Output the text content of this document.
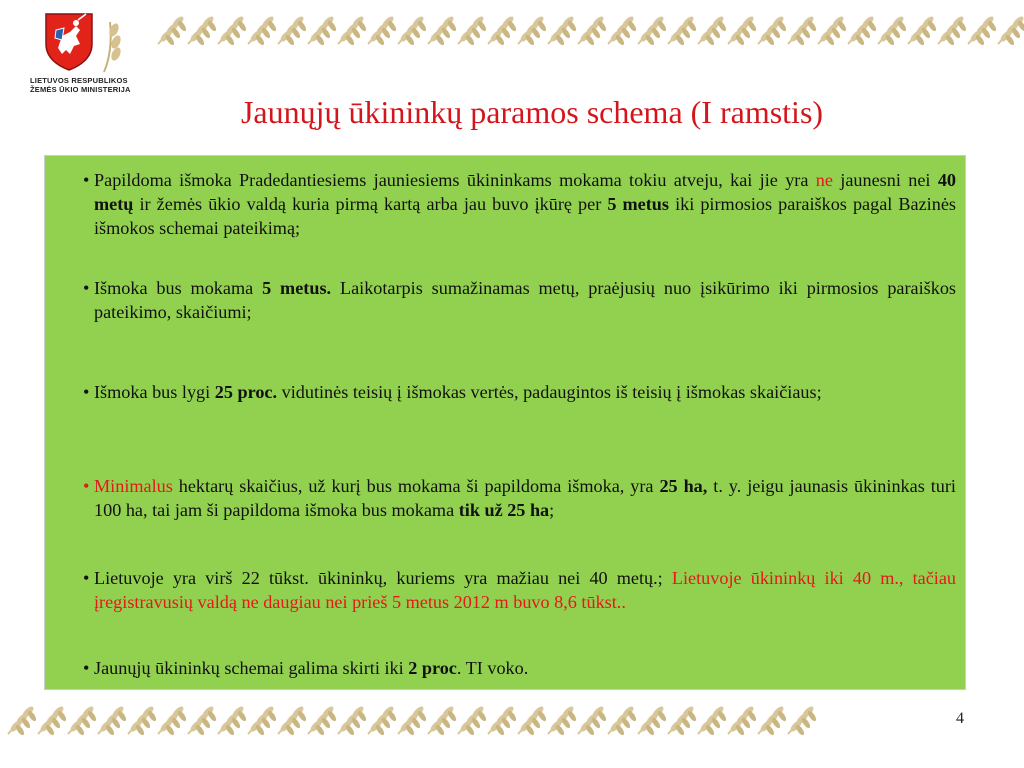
LIETUVOS RESPUBLIKOS
ŽEMĖS ŪKIO MINISTERIJA
Jaunųjų ūkininkų paramos schema (I ramstis)
• Papildoma išmoka Pradedantiesiems jauniesiems ūkininkams mokama tokiu atveju, kai jie yra ne jaunesni nei 40 metų ir žemės ūkio valdą kuria pirmą kartą arba jau buvo įkūrę per 5 metus iki pirmosios paraiškos pagal Bazinės išmokos schemai pateikimą;
• Išmoka bus mokama 5 metus. Laikotarpis sumažinamas metų, praėjusių nuo įsikūrimo iki pirmosios paraiškos pateikimo, skaičiumi;
• Išmoka bus lygi 25 proc. vidutinės teisių į išmokas vertės, padaugintos iš teisių į išmokas skaičiaus;
• Minimalus hektarų skaičius, už kurį bus mokama ši papildoma išmoka, yra 25 ha, t. y. jeigu jaunasis ūkininkas turi 100 ha, tai jam ši papildoma išmoka bus mokama tik už 25 ha;
• Lietuvoje yra virš 22 tūkst. ūkininkų, kuriems yra mažiau nei 40 metų.; Lietuvoje ūkininkų iki 40 m., tačiau įregistravusių valdą ne daugiau nei prieš 5 metus 2012 m buvo 8,6 tūkst..
• Jaunųjų ūkininkų schemai galima skirti iki 2 proc. TI voko.
4
